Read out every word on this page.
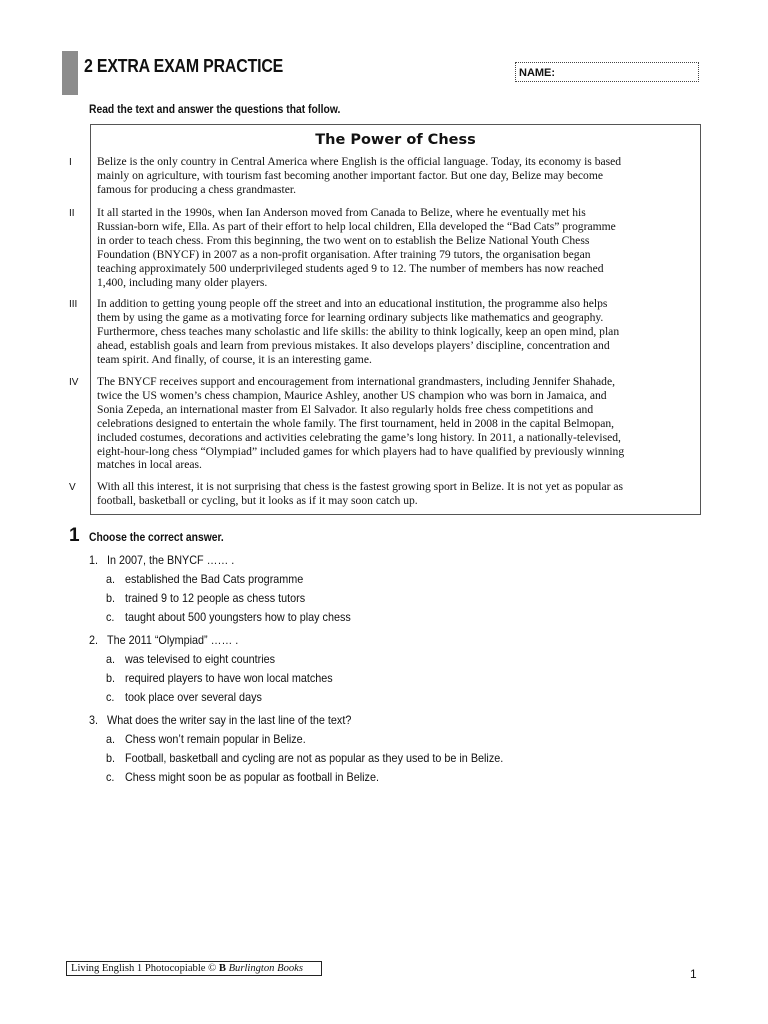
2 EXTRA EXAM PRACTICE	NAME:
Read the text and answer the questions that follow.
The Power of Chess
I Belize is the only country in Central America where English is the official language. Today, its economy is based
mainly on agriculture, with tourism fast becoming another important factor. But one day, Belize may become
famous for producing a chess grandmaster.
II It all started in the 1990s, when Ian Anderson moved from Canada to Belize, where he eventually met his
Russian-born wife, Ella. As part of their effort to help local children, Ella developed the “Bad Cats” programme
in order to teach chess. From this beginning, the two went on to establish the Belize National Youth Chess
Foundation (BNYCF) in 2007 as a non-profit organisation. After training 79 tutors, the organisation began
teaching approximately 500 underprivileged students aged 9 to 12. The number of members has now reached
1,400, including many older players.
III In addition to getting young people off the street and into an educational institution, the programme also helps
them by using the game as a motivating force for learning ordinary subjects like mathematics and geography.
Furthermore, chess teaches many scholastic and life skills: the ability to think logically, keep an open mind, plan
ahead, establish goals and learn from previous mistakes. It also develops players’ discipline, concentration and
team spirit. And finally, of course, it is an interesting game.
IV The BNYCF receives support and encouragement from international grandmasters, including Jennifer Shahade,
twice the US women’s chess champion, Maurice Ashley, another US champion who was born in Jamaica, and
Sonia Zepeda, an international master from El Salvador. It also regularly holds free chess competitions and
celebrations designed to entertain the whole family. The first tournament, held in 2008 in the capital Belmopan,
included costumes, decorations and activities celebrating the game’s long history. In 2011, a nationally-televised,
eight-hour-long chess “Olympiad” included games for which players had to have qualified by previously winning
matches in local areas.
V With all this interest, it is not surprising that chess is the fastest growing sport in Belize. It is not yet as popular as
football, basketball or cycling, but it looks as if it may soon catch up.
1 Choose the correct answer.
1. In 2007, the BNYCF …… .
a. established the Bad Cats programme
b. trained 9 to 12 people as chess tutors
c. taught about 500 youngsters how to play chess
2. The 2011 “Olympiad” …… .
a. was televised to eight countries
b. required players to have won local matches
c. took place over several days
3. What does the writer say in the last line of the text?
a. Chess won’t remain popular in Belize.
b. Football, basketball and cycling are not as popular as they used to be in Belize.
c. Chess might soon be as popular as football in Belize.
Living English 1 Photocopiable © B Burlington Books	1
